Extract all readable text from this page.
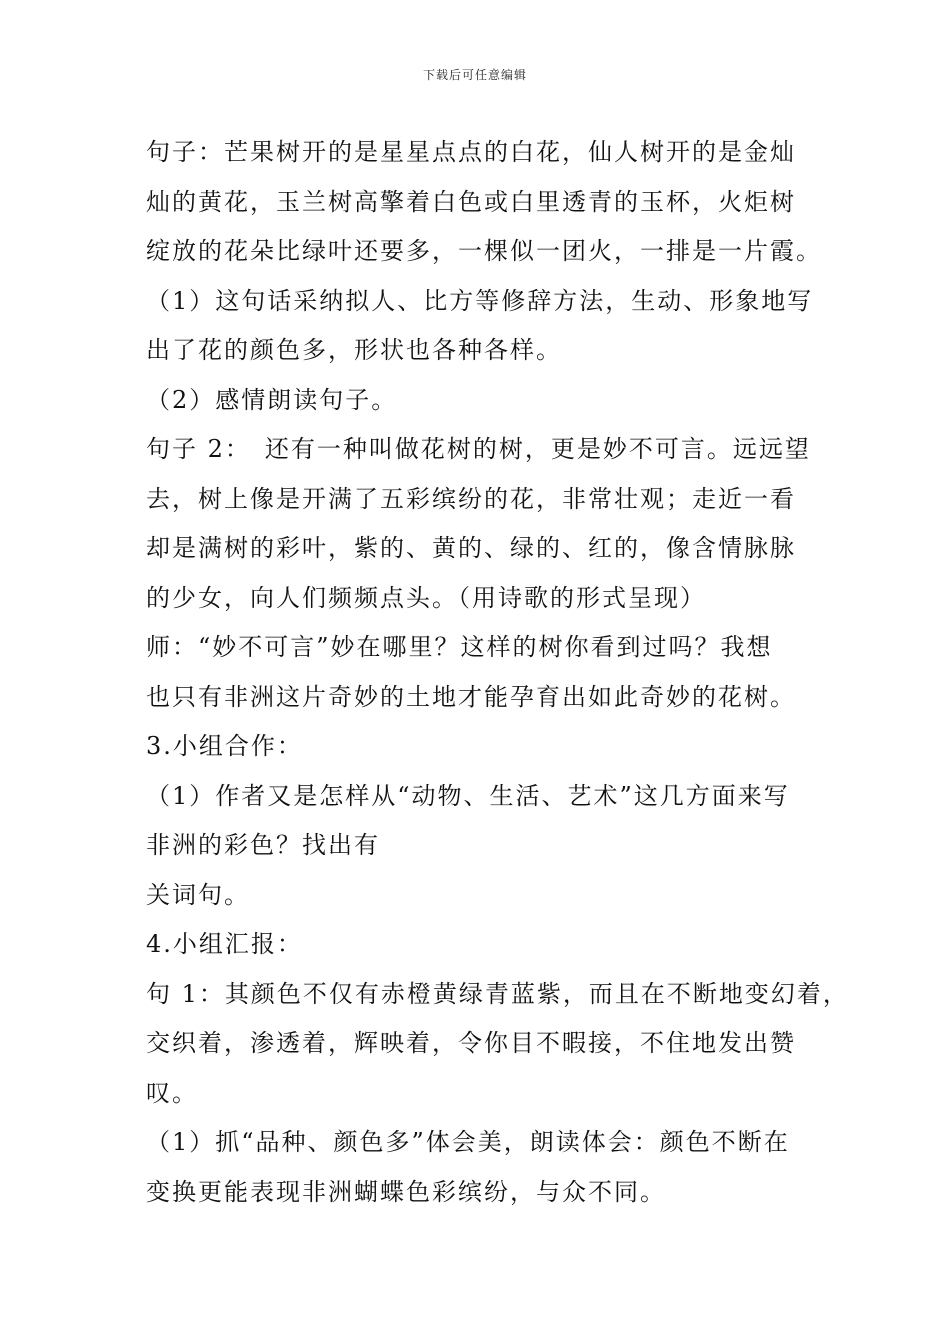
下载后可任意编辑
句子：芒果树开的是星星点点的白花，仙人树开的是金灿
灿的黄花，玉兰树高擎着白色或白里透青的玉杯，火炬树
绽放的花朵比绿叶还要多，一棵似一团火，一排是一片霞。
（1）这句话采纳拟人、比方等修辞方法，生动、形象地写
出了花的颜色多，形状也各种各样。
（2）感情朗读句子。
句子 2：　还有一种叫做花树的树，更是妙不可言。远远望
去，树上像是开满了五彩缤纷的花，非常壮观；走近一看
却是满树的彩叶，紫的、黄的、绿的、红的，像含情脉脉
的少女，向人们频频点头。（用诗歌的形式呈现）
师：“妙不可言”妙在哪里？这样的树你看到过吗？我想
也只有非洲这片奇妙的土地才能孕育出如此奇妙的花树。
3.小组合作：
（1）作者又是怎样从“动物、生活、艺术”这几方面来写
非洲的彩色？找出有
关词句。
4.小组汇报：
句 1：其颜色不仅有赤橙黄绿青蓝紫，而且在不断地变幻着，
交织着，渗透着，辉映着，令你目不暇接，不住地发出赞
叹。
（1）抓“品种、颜色多”体会美，朗读体会：颜色不断在
变换更能表现非洲蝴蝶色彩缤纷，与众不同。
